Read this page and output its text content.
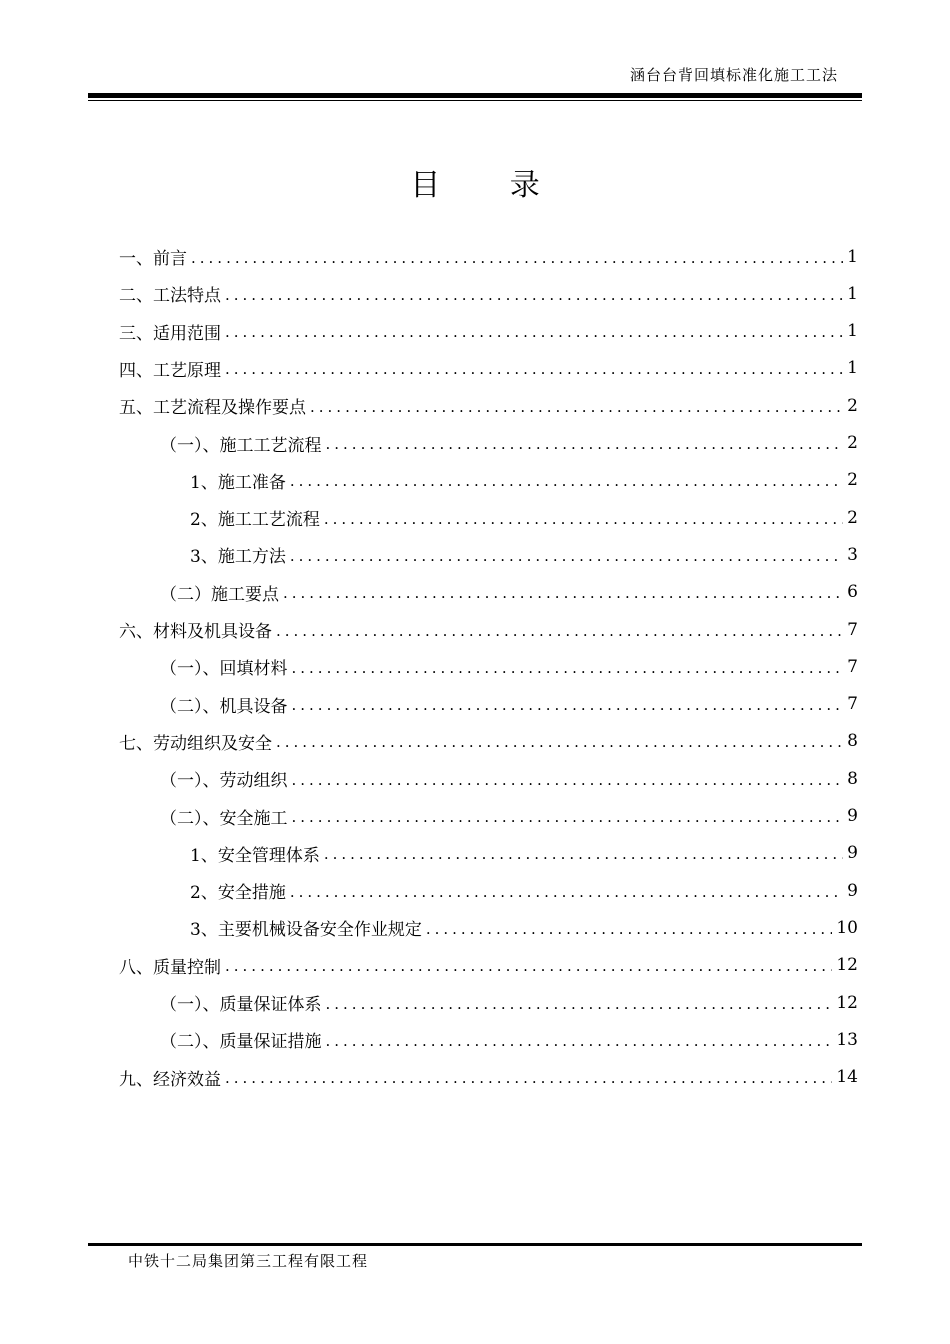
涵台台背回填标准化施工工法
目 录
一、前言 .....	1
二、工法特点 .....	1
三、适用范围 .....	1
四、工艺原理 .....	1
五、工艺流程及操作要点 .....	2
（一）、施工工艺流程 .....	2
1、施工准备 .....	2
2、施工工艺流程 .....	2
3、施工方法 .....	3
（二）施工要点 .....	6
六、材料及机具设备 .....	7
（一）、回填材料 .....	7
（二）、机具设备 .....	7
七、劳动组织及安全 .....	8
（一）、劳动组织 .....	8
（二）、安全施工 .....	9
1、安全管理体系 .....	9
2、安全措施 .....	9
3、主要机械设备安全作业规定 .....	10
八、质量控制 .....	12
（一）、质量保证体系 .....	12
（二）、质量保证措施 .....	13
九、经济效益 .....	14
中铁十二局集团第三工程有限工程
